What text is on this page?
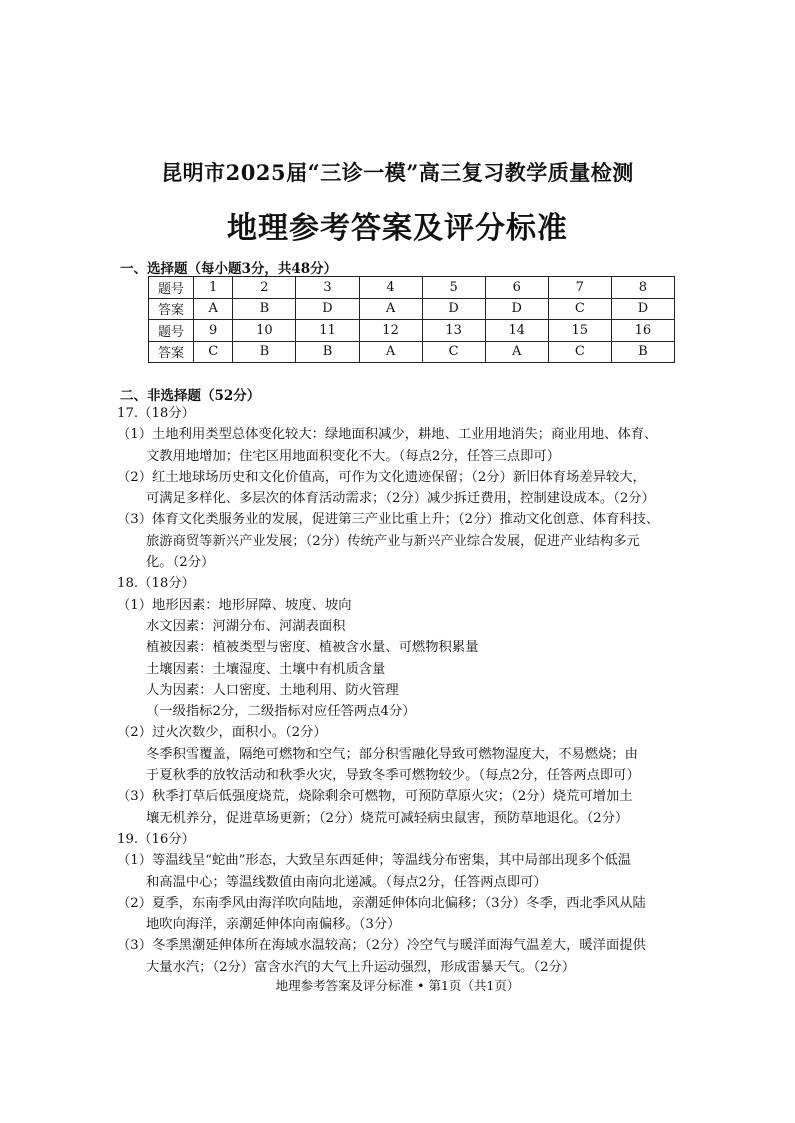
昆明市2025届“三诊一模”高三复习教学质量检测
地理参考答案及评分标准
一、选择题（每小题3分，共48分）
题号	1	2	3	4	5	6	7	8
答案	A	B	D	A	D	D	C	D
题号	9	10	11	12	13	14	15	16
答案	C	B	B	A	C	A	C	B
二、非选择题（52分）
17.（18分）
（1）土地利用类型总体变化较大：绿地面积减少，耕地、工业用地消失；商业用地、体育、
文教用地增加；住宅区用地面积变化不大。（每点2分，任答三点即可）
（2）红土地球场历史和文化价值高，可作为文化遗迹保留；（2分）新旧体育场差异较大，
可满足多样化、多层次的体育活动需求；（2分）减少拆迁费用，控制建设成本。（2分）
（3）体育文化类服务业的发展，促进第三产业比重上升；（2分）推动文化创意、体育科技、
旅游商贸等新兴产业发展；（2分）传统产业与新兴产业综合发展，促进产业结构多元
化。（2分）
18.（18分）
（1）地形因素：地形屏障、坡度、坡向
水文因素：河湖分布、河湖表面积
植被因素：植被类型与密度、植被含水量、可燃物积累量
土壤因素：土壤湿度、土壤中有机质含量
人为因素：人口密度、土地利用、防火管理
（一级指标2分，二级指标对应任答两点4分）
（2）过火次数少，面积小。（2分）
冬季积雪覆盖，隔绝可燃物和空气；部分积雪融化导致可燃物湿度大，不易燃烧；由
于夏秋季的放牧活动和秋季火灾，导致冬季可燃物较少。（每点2分，任答两点即可）
（3）秋季打草后低强度烧荒，烧除剩余可燃物，可预防草原火灾；（2分）烧荒可增加土
壤无机养分，促进草场更新；（2分）烧荒可减轻病虫鼠害，预防草地退化。（2分）
19.（16分）
（1）等温线呈“蛇曲”形态，大致呈东西延伸；等温线分布密集，其中局部出现多个低温
和高温中心；等温线数值由南向北递减。（每点2分，任答两点即可）
（2）夏季，东南季风由海洋吹向陆地，亲潮延伸体向北偏移；（3分）冬季，西北季风从陆
地吹向海洋，亲潮延伸体向南偏移。（3分）
（3）冬季黑潮延伸体所在海域水温较高；（2分）冷空气与暖洋面海气温差大，暖洋面提供
大量水汽；（2分）富含水汽的大气上升运动强烈，形成雷暴天气。（2分）
地理参考答案及评分标准 • 第1页（共1页）
